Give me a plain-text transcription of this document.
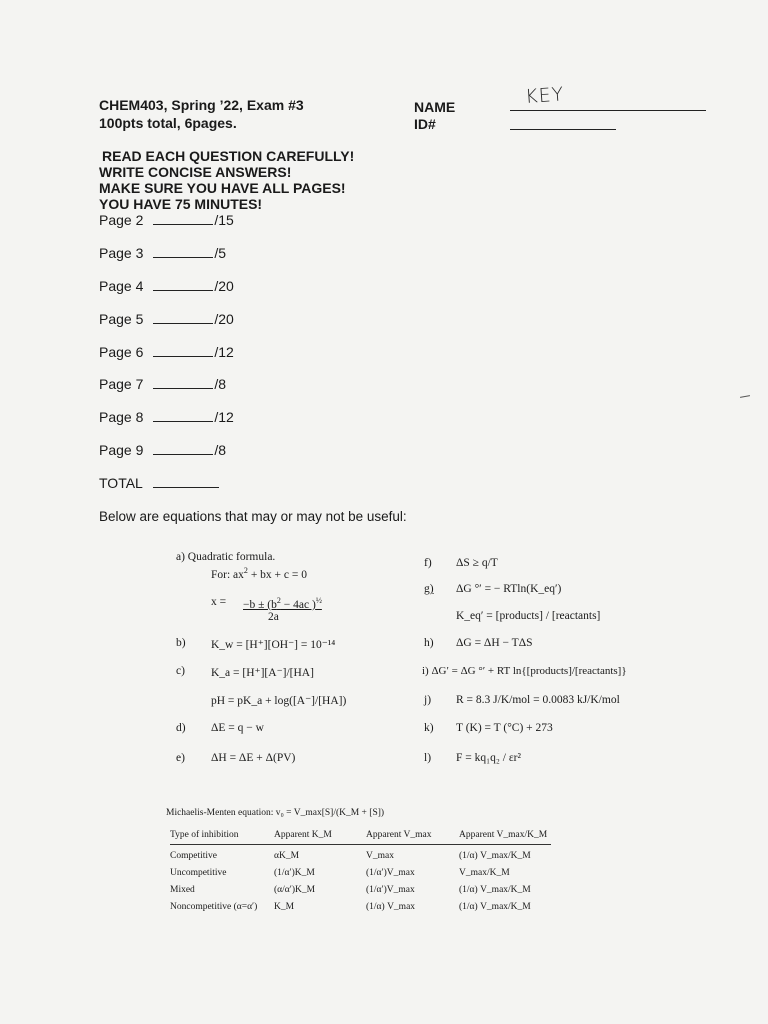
CHEM403, Spring ’22, Exam #3
100pts total, 6pages.
NAME
ID#
KEY
READ EACH QUESTION CAREFULLY!
WRITE CONCISE ANSWERS!
MAKE SURE YOU HAVE ALL PAGES!
YOU HAVE 75 MINUTES!
Page 2	/15
Page 3	/5
Page 4	/20
Page 5	/20
Page 6	/12
Page 7	/8
Page 8	/12
Page 9	/8
TOTAL
Below are equations that may or may not be useful:
a) Quadratic formula.
For: $ax^2$ + bx + c = 0
$x = -b \pm (b^2 - 4ac$ )$^{\frac{1}{2}}$
2a
b) K_w = [H⁺][OH⁻] = 10⁻¹⁴
c) K_a = [H⁺][A⁻]/[HA]
pH = pK_a + log([A⁻]/[HA])
d) ΔE = q − w
e) ΔH = ΔE + Δ(PV)
f) ΔS ≥ q/T
g) ΔG °′ = − RTln(K_eq′)
K_eq′ = [products] / [reactants]
h) ΔG = ΔH − TΔS
i) ΔG′ = ΔG °′ + RT ln{[products]/[reactants]}
j) R = 8.3 J/K/mol = 0.0083 kJ/K/mol
k) T (K) = T (°C) + 273
l) F = kq₁q₂ / εr²
Michaelis-Menten equation: v₀ = V_max[S]/(K_M + [S])
Type of inhibition	Apparent K_M	Apparent V_max	Apparent V_max/K_M
Competitive	αK_M	V_max	(1/α) V_max/K_M
Uncompetitive	(1/α′)K_M	(1/α′)V_max	V_max/K_M
Mixed	(α/α′)K_M	(1/α′)V_max	(1/α) V_max/K_M
Noncompetitive (α=α′)	K_M	(1/α) V_max	(1/α) V_max/K_M
